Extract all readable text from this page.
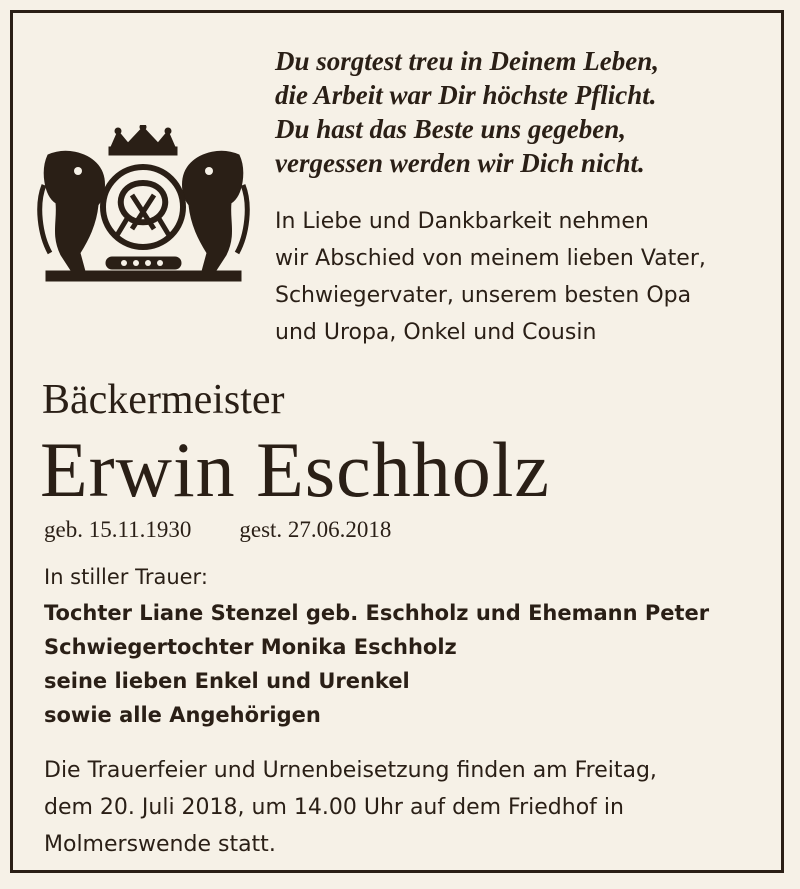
Du sorgtest treu in Deinem Leben,
die Arbeit war Dir höchste Pflicht.
Du hast das Beste uns gegeben,
vergessen werden wir Dich nicht.
In Liebe und Dankbarkeit nehmen
wir Abschied von meinem lieben Vater,
Schwiegervater, unserem besten Opa
und Uropa, Onkel und Cousin
Bäckermeister
Erwin Eschholz
geb. 15.11.1930 gest. 27.06.2018
In stiller Trauer:
Tochter Liane Stenzel geb. Eschholz und Ehemann Peter
Schwiegertochter Monika Eschholz
seine lieben Enkel und Urenkel
sowie alle Angehörigen
Die Trauerfeier und Urnenbeisetzung finden am Freitag,
dem 20. Juli 2018, um 14.00 Uhr auf dem Friedhof in
Molmerswende statt.
